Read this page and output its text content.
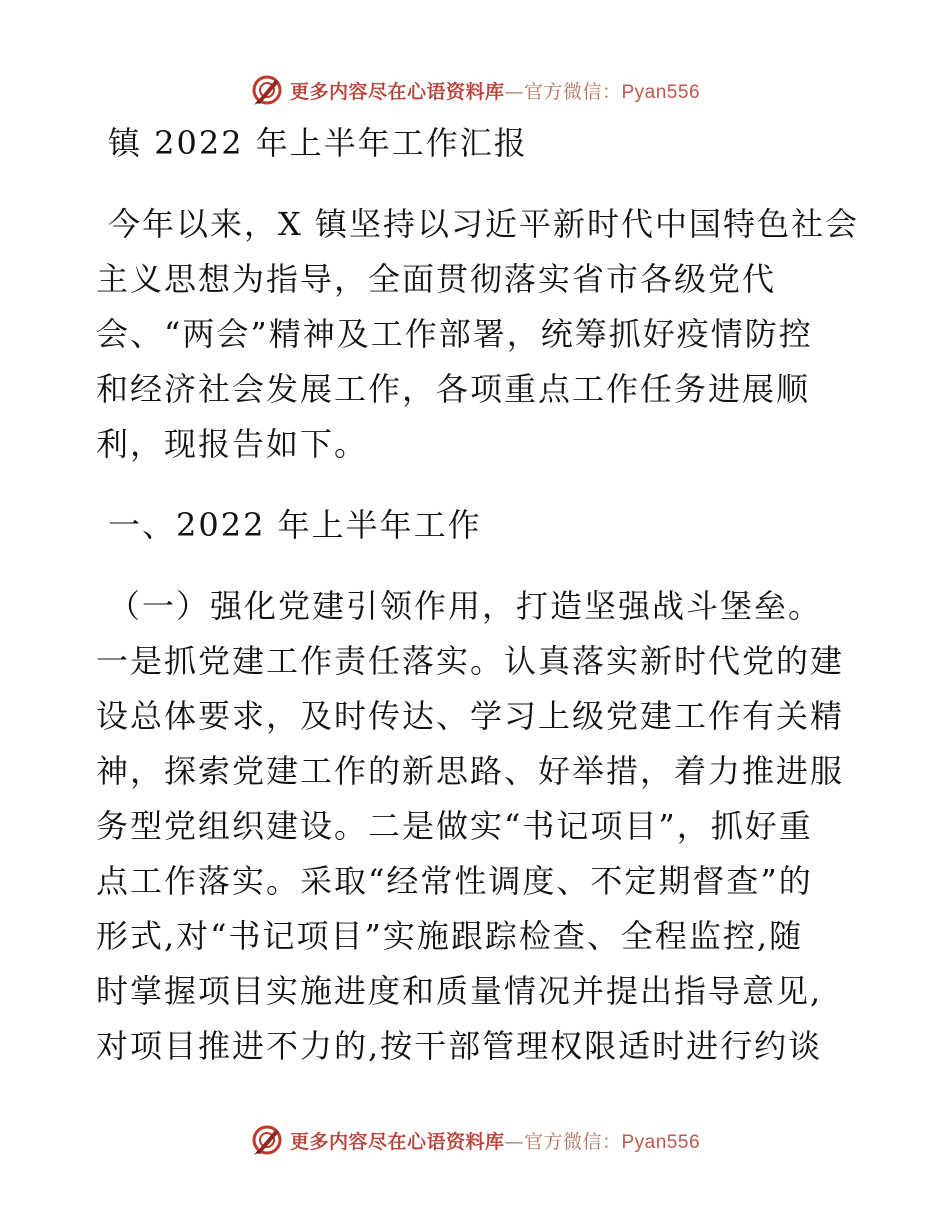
更多内容尽在心语资料库—官方微信：Pyan556
镇 2022 年上半年工作汇报
今年以来，X 镇坚持以习近平新时代中国特色社会
主义思想为指导，全面贯彻落实省市各级党代
会、“两会”精神及工作部署，统筹抓好疫情防控
和经济社会发展工作，各项重点工作任务进展顺
利，现报告如下。
一、2022 年上半年工作
（一）强化党建引领作用，打造坚强战斗堡垒。
一是抓党建工作责任落实。认真落实新时代党的建
设总体要求，及时传达、学习上级党建工作有关精
神，探索党建工作的新思路、好举措，着力推进服
务型党组织建设。二是做实“书记项目”，抓好重
点工作落实。采取“经常性调度、不定期督查”的
形式,对“书记项目”实施跟踪检查、全程监控,随
时掌握项目实施进度和质量情况并提出指导意见,
对项目推进不力的,按干部管理权限适时进行约谈
更多内容尽在心语资料库—官方微信：Pyan556
